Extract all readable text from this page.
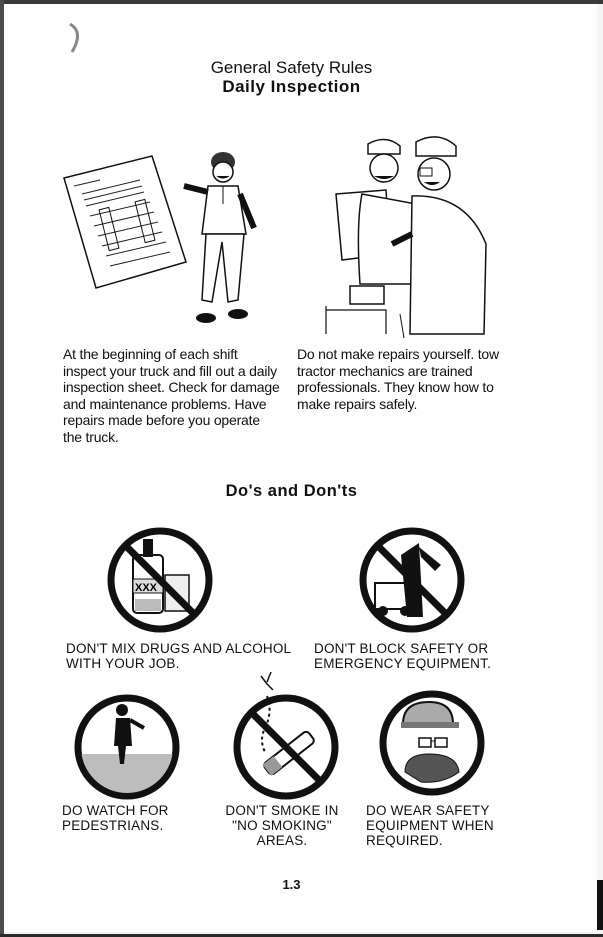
General Safety Rules
Daily Inspection
At the beginning of each shift inspect your truck and fill out a daily inspection sheet. Check for damage and maintenance problems. Have repairs made before you operate the truck.
Do not make repairs yourself. tow tractor mechanics are trained professionals. They know how to make repairs safely.
Do's and Don'ts
XXX
DON'T MIX DRUGS AND ALCOHOL WITH YOUR JOB.
DON'T BLOCK SAFETY OR EMERGENCY EQUIPMENT.
DO WATCH FOR PEDESTRIANS.
DON'T SMOKE IN "NO SMOKING" AREAS.
DO WEAR SAFETY EQUIPMENT WHEN REQUIRED.
1.3
